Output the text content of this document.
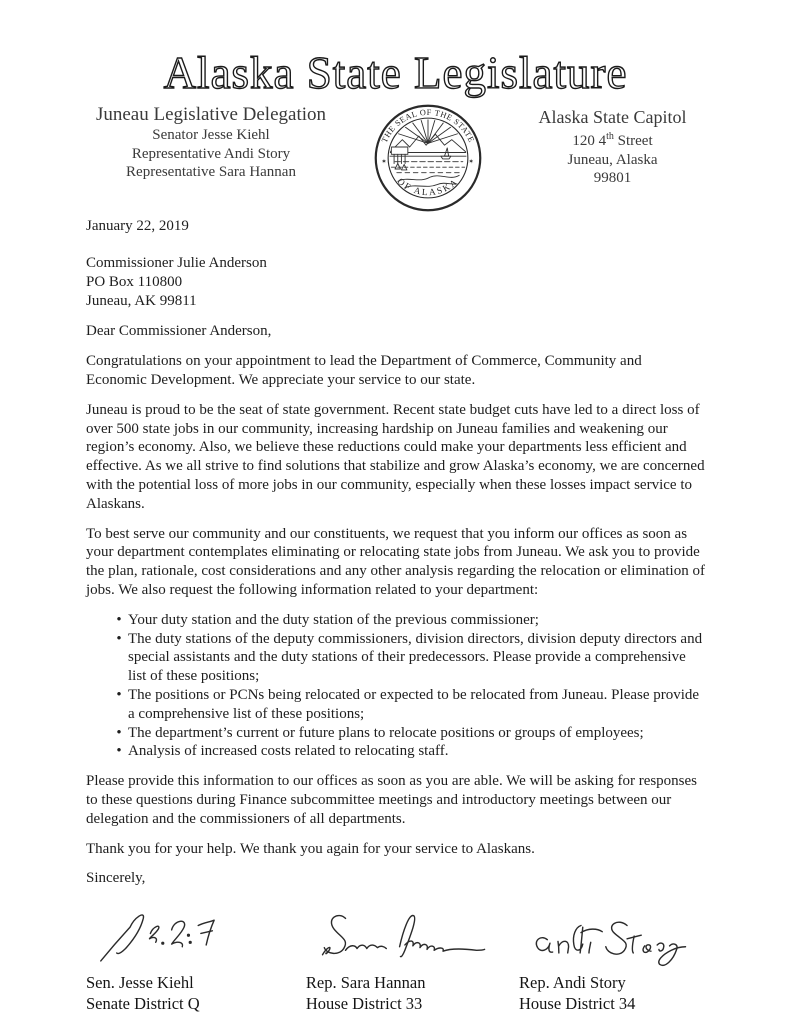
Alaska State Legislature
Juneau Legislative Delegation
Senator Jesse Kiehl
Representative Andi Story
Representative Sara Hannan
THE SEAL OF THE STATE
OF ALASKA
✶	✶
Alaska State Capitol
120 4th Street
Juneau, Alaska
99801
January 22, 2019
Commissioner Julie Anderson
PO Box 110800
Juneau, AK 99811
Dear Commissioner Anderson,

Congratulations on your appointment to lead the Department of Commerce, Community and Economic Development. We appreciate your service to our state.

Juneau is proud to be the seat of state government. Recent state budget cuts have led to a direct loss of over 500 state jobs in our community, increasing hardship on Juneau families and weakening our region’s economy. Also, we believe these reductions could make your departments less efficient and effective. As we all strive to find solutions that stabilize and grow Alaska’s economy, we are concerned with the potential loss of more jobs in our community, especially when these losses impact service to Alaskans.

To best serve our community and our constituents, we request that you inform our offices as soon as your department contemplates eliminating or relocating state jobs from Juneau. We ask you to provide the plan, rationale, cost considerations and any other analysis regarding the relocation or elimination of jobs. We also request the following information related to your department:

• Your duty station and the duty station of the previous commissioner;
• The duty stations of the deputy commissioners, division directors, division deputy directors and special assistants and the duty stations of their predecessors. Please provide a comprehensive list of these positions;
• The positions or PCNs being relocated or expected to be relocated from Juneau. Please provide a comprehensive list of these positions;
• The department’s current or future plans to relocate positions or groups of employees;
• Analysis of increased costs related to relocating staff.

Please provide this information to our offices as soon as you are able. We will be asking for responses to these questions during Finance subcommittee meetings and introductory meetings between our delegation and the commissioners of all departments.

Thank you for your help. We thank you again for your service to Alaskans.

Sincerely,

Sen. Jesse Kiehl
Senate District Q
Rep. Sara Hannan
House District 33
Rep. Andi Story
House District 34
